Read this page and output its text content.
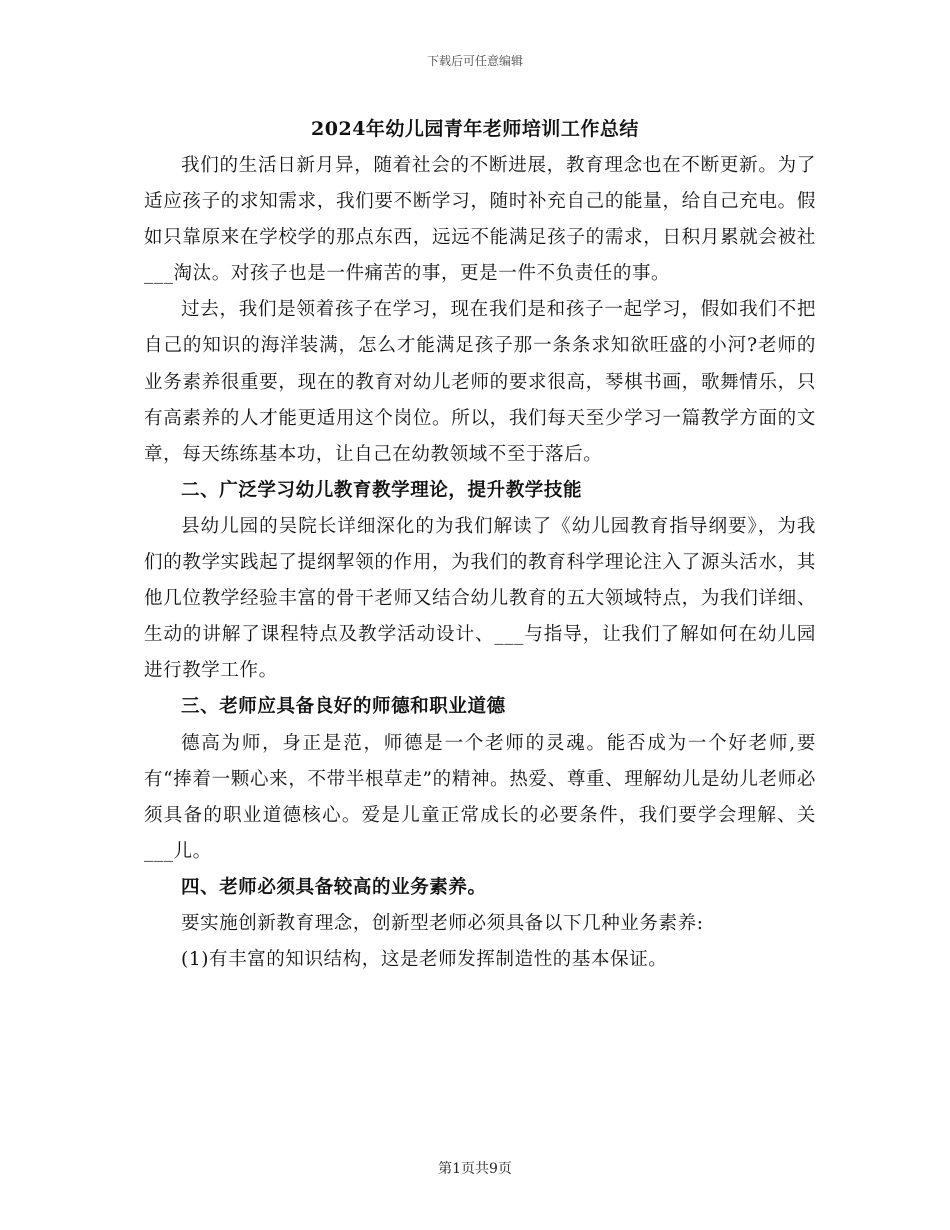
下载后可任意编辑
2024年幼儿园青年老师培训工作总结

我们的生活日新月异，随着社会的不断进展，教育理念也在不断更新。为了适应孩子的求知需求，我们要不断学习，随时补充自己的能量，给自己充电。假如只靠原来在学校学的那点东西，远远不能满足孩子的需求，日积月累就会被社___淘汰。对孩子也是一件痛苦的事，更是一件不负责任的事。

过去，我们是领着孩子在学习，现在我们是和孩子一起学习，假如我们不把自己的知识的海洋装满，怎么才能满足孩子那一条条求知欲旺盛的小河?老师的业务素养很重要，现在的教育对幼儿老师的要求很高，琴棋书画，歌舞情乐，只有高素养的人才能更适用这个岗位。所以，我们每天至少学习一篇教学方面的文章，每天练练基本功，让自己在幼教领域不至于落后。

二、广泛学习幼儿教育教学理论，提升教学技能

县幼儿园的吴院长详细深化的为我们解读了《幼儿园教育指导纲要》，为我们的教学实践起了提纲挈领的作用，为我们的教育科学理论注入了源头活水，其他几位教学经验丰富的骨干老师又结合幼儿教育的五大领域特点，为我们详细、生动的讲解了课程特点及教学活动设计、___与指导，让我们了解如何在幼儿园进行教学工作。

三、老师应具备良好的师德和职业道德

德高为师，身正是范，师德是一个老师的灵魂。能否成为一个好老师,要有“捧着一颗心来，不带半根草走”的精神。热爱、尊重、理解幼儿是幼儿老师必须具备的职业道德核心。爱是儿童正常成长的必要条件，我们要学会理解、关___儿。

四、老师必须具备较高的业务素养。

要实施创新教育理念，创新型老师必须具备以下几种业务素养:

(1)有丰富的知识结构，这是老师发挥制造性的基本保证。

第1页共9页
